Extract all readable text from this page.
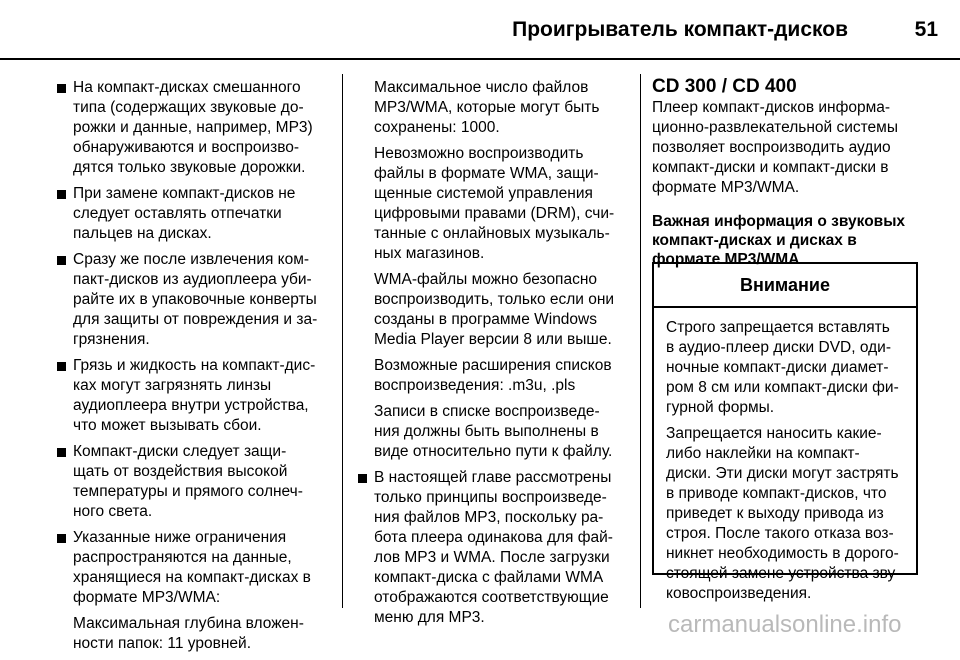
Проигрыватель компакт-дисков	51
На компакт-дисках смешанного
типа (содержащих звуковые до-
рожки и данные, например, MP3)
обнаруживаются и воспроизво-
дятся только звуковые дорожки.
При замене компакт-дисков не
следует оставлять отпечатки
пальцев на дисках.
Сразу же после извлечения ком-
пакт-дисков из аудиоплеера уби-
райте их в упаковочные конверты
для защиты от повреждения и за-
грязнения.
Грязь и жидкость на компакт-дис-
ках могут загрязнять линзы
аудиоплеера внутри устройства,
что может вызывать сбои.
Компакт-диски следует защи-
щать от воздействия высокой
температуры и прямого солнеч-
ного света.
Указанные ниже ограничения
распространяются на данные,
хранящиеся на компакт-дисках в
формате MP3/WMA:

Максимальная глубина вложен-
ности папок: 11 уровней.

Максимальное число файлов
MP3/WMA, которые могут быть
сохранены: 1000.

Невозможно воспроизводить
файлы в формате WMA, защи-
щенные системой управления
цифровыми правами (DRM), счи-
танные с онлайновых музыкаль-
ных магазинов.

WMA-файлы можно безопасно
воспроизводить, только если они
созданы в программе Windows
Media Player версии 8 или выше.

Возможные расширения списков
воспроизведения: .m3u, .pls

Записи в списке воспроизведе-
ния должны быть выполнены в
виде относительно пути к файлу.

В настоящей главе рассмотрены
только принципы воспроизведе-
ния файлов MP3, поскольку ра-
бота плеера одинакова для фай-
лов MP3 и WMA. После загрузки
компакт-диска с файлами WMA
отображаются соответствующие
меню для MP3.
CD 300 / CD 400

Плеер компакт-дисков информа-
ционно-развлекательной системы
позволяет воспроизводить аудио
компакт-диски и компакт-диски в
формате MP3/WMA.

Важная информация о звуковых
компакт-дисках и дисках в
формате MP3/WMA
Внимание

Строго запрещается вставлять
в аудио-плеер диски DVD, оди-
ночные компакт-диски диамет-
ром 8 см или компакт-диски фи-
гурной формы.

Запрещается наносить какие-
либо наклейки на компакт-
диски. Эти диски могут застрять
в приводе компакт-дисков, что
приведет к выходу привода из
строя. После такого отказа воз-
никнет необходимость в дорого-
стоящей замене устройства зву-
ковоспроизведения.

carmanualsonline.info
